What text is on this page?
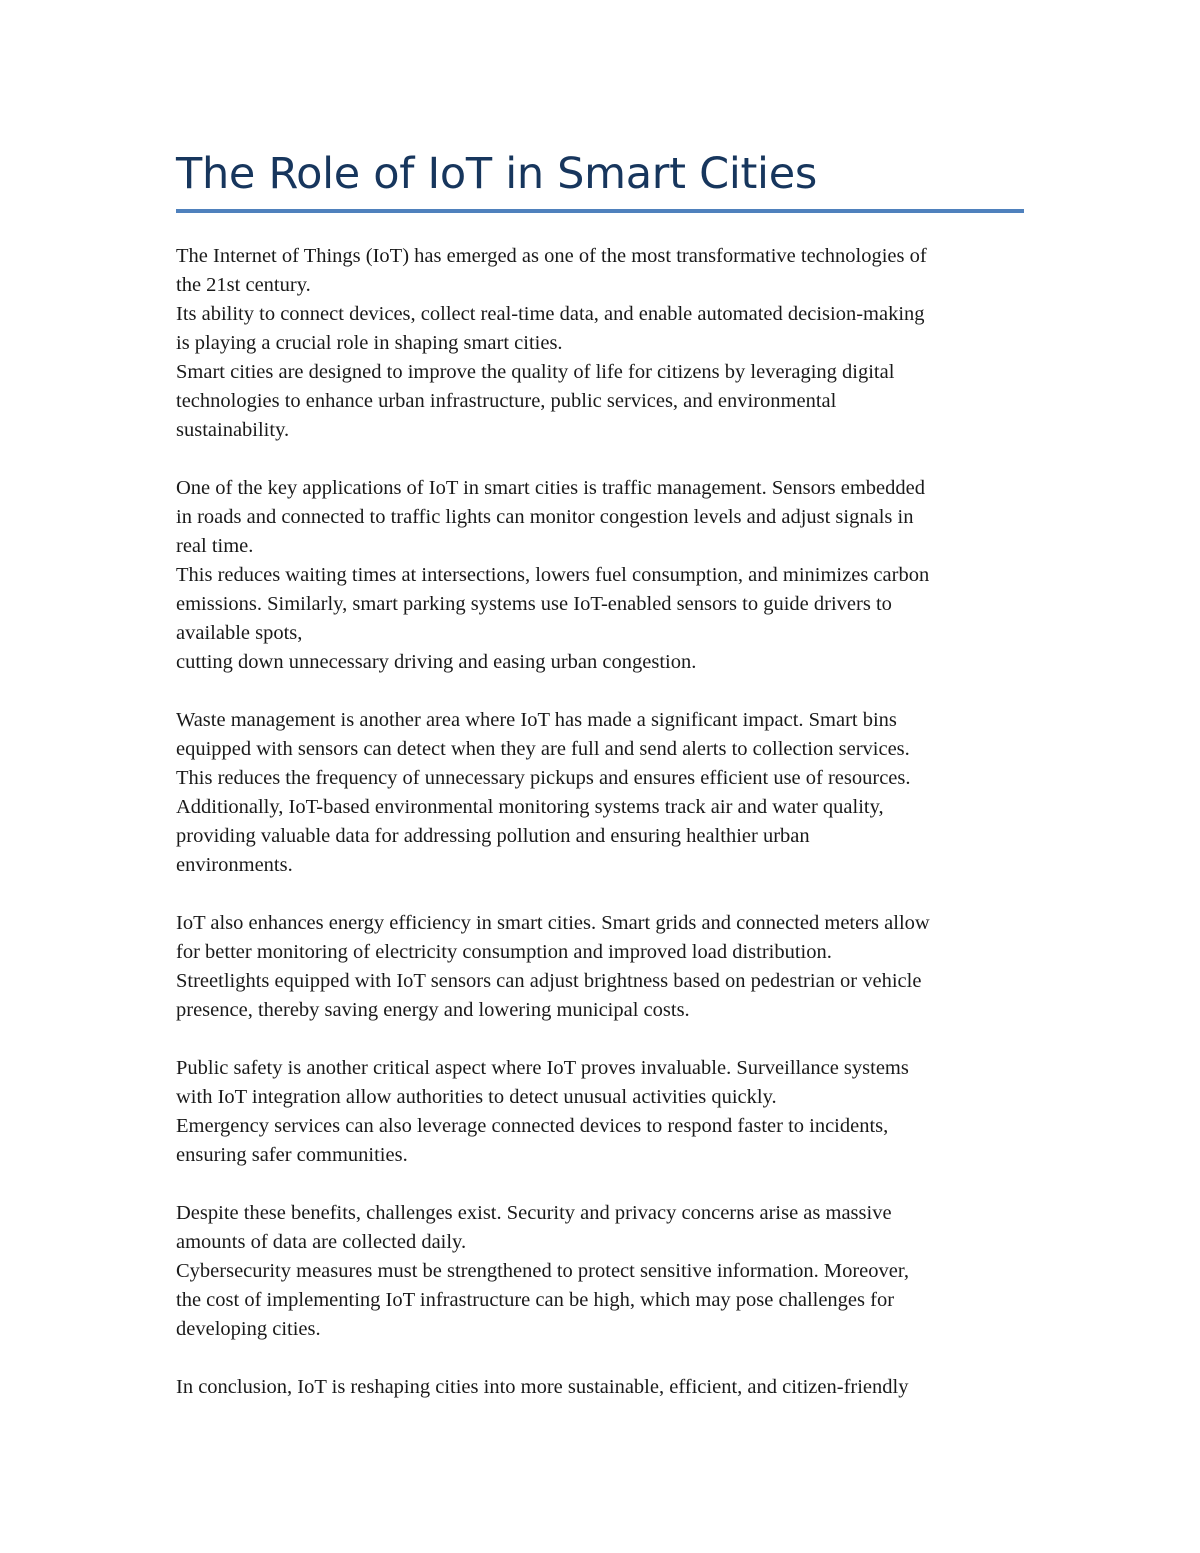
The Role of IoT in Smart Cities

The Internet of Things (IoT) has emerged as one of the most transformative technologies of
the 21st century.
Its ability to connect devices, collect real-time data, and enable automated decision-making
is playing a crucial role in shaping smart cities.
Smart cities are designed to improve the quality of life for citizens by leveraging digital
technologies to enhance urban infrastructure, public services, and environmental
sustainability.

One of the key applications of IoT in smart cities is traffic management. Sensors embedded
in roads and connected to traffic lights can monitor congestion levels and adjust signals in
real time.
This reduces waiting times at intersections, lowers fuel consumption, and minimizes carbon
emissions. Similarly, smart parking systems use IoT-enabled sensors to guide drivers to
available spots,
cutting down unnecessary driving and easing urban congestion.

Waste management is another area where IoT has made a significant impact. Smart bins
equipped with sensors can detect when they are full and send alerts to collection services.
This reduces the frequency of unnecessary pickups and ensures efficient use of resources.
Additionally, IoT-based environmental monitoring systems track air and water quality,
providing valuable data for addressing pollution and ensuring healthier urban
environments.

IoT also enhances energy efficiency in smart cities. Smart grids and connected meters allow
for better monitoring of electricity consumption and improved load distribution.
Streetlights equipped with IoT sensors can adjust brightness based on pedestrian or vehicle
presence, thereby saving energy and lowering municipal costs.

Public safety is another critical aspect where IoT proves invaluable. Surveillance systems
with IoT integration allow authorities to detect unusual activities quickly.
Emergency services can also leverage connected devices to respond faster to incidents,
ensuring safer communities.

Despite these benefits, challenges exist. Security and privacy concerns arise as massive
amounts of data are collected daily.
Cybersecurity measures must be strengthened to protect sensitive information. Moreover,
the cost of implementing IoT infrastructure can be high, which may pose challenges for
developing cities.

In conclusion, IoT is reshaping cities into more sustainable, efficient, and citizen-friendly
